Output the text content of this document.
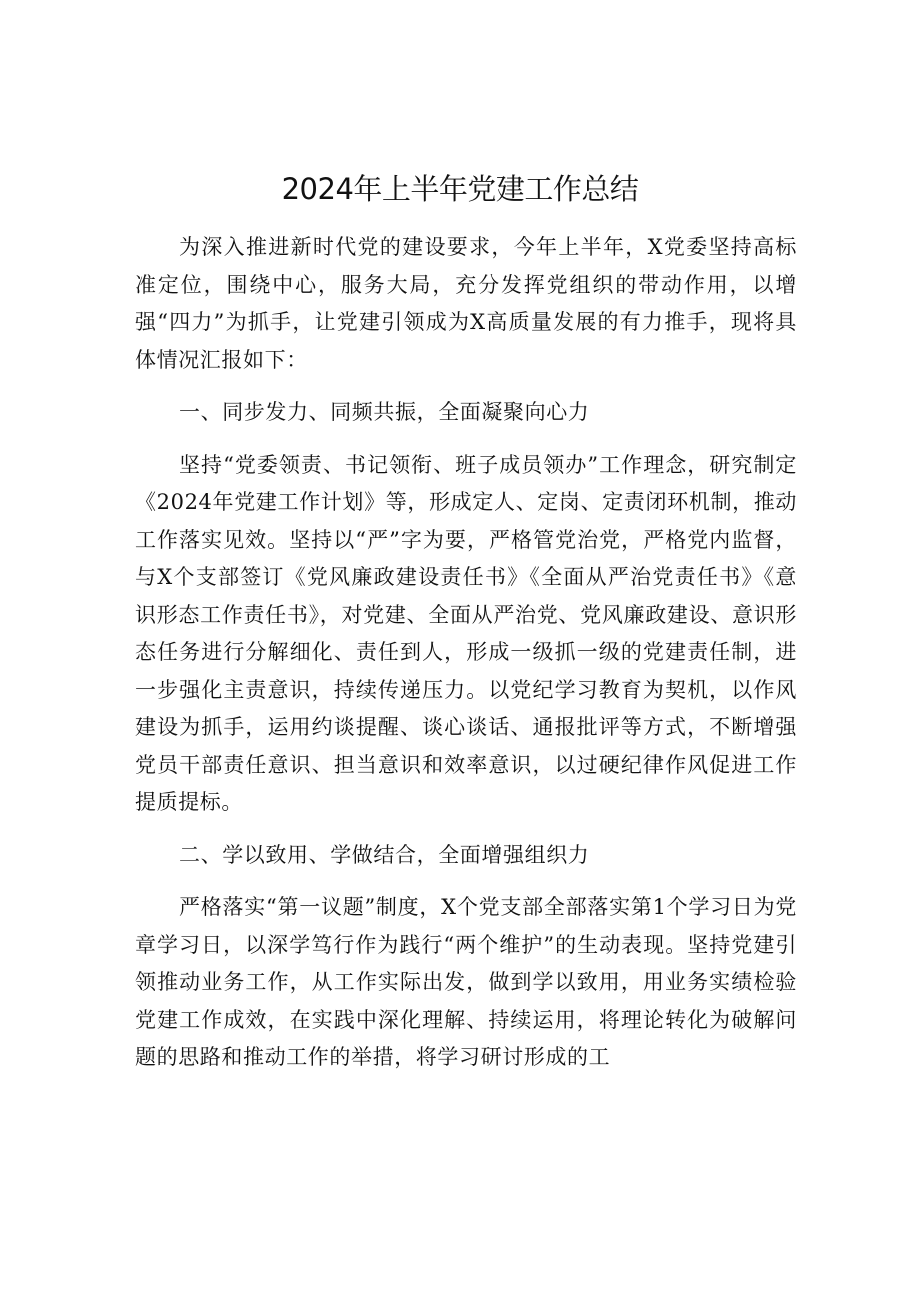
2024年上半年党建工作总结

为深入推进新时代党的建设要求，今年上半年，X党委坚持高标准定位，围绕中心，服务大局，充分发挥党组织的带动作用，以增强“四力”为抓手，让党建引领成为X高质量发展的有力推手，现将具体情况汇报如下：

一、同步发力、同频共振，全面凝聚向心力

坚持“党委领责、书记领衔、班子成员领办”工作理念，研究制定《2024年党建工作计划》等，形成定人、定岗、定责闭环机制，推动工作落实见效。坚持以“严”字为要，严格管党治党，严格党内监督，与X个支部签订《党风廉政建设责任书》《全面从严治党责任书》《意识形态工作责任书》，对党建、全面从严治党、党风廉政建设、意识形态任务进行分解细化、责任到人，形成一级抓一级的党建责任制，进一步强化主责意识，持续传递压力。以党纪学习教育为契机，以作风建设为抓手，运用约谈提醒、谈心谈话、通报批评等方式，不断增强党员干部责任意识、担当意识和效率意识，以过硬纪律作风促进工作提质提标。

二、学以致用、学做结合，全面增强组织力

严格落实“第一议题”制度，X个党支部全部落实第1个学习日为党章学习日，以深学笃行作为践行“两个维护”的生动表现。坚持党建引领推动业务工作，从工作实际出发，做到学以致用，用业务实绩检验党建工作成效，在实践中深化理解、持续运用，将理论转化为破解问题的思路和推动工作的举措，将学习研讨形成的工
